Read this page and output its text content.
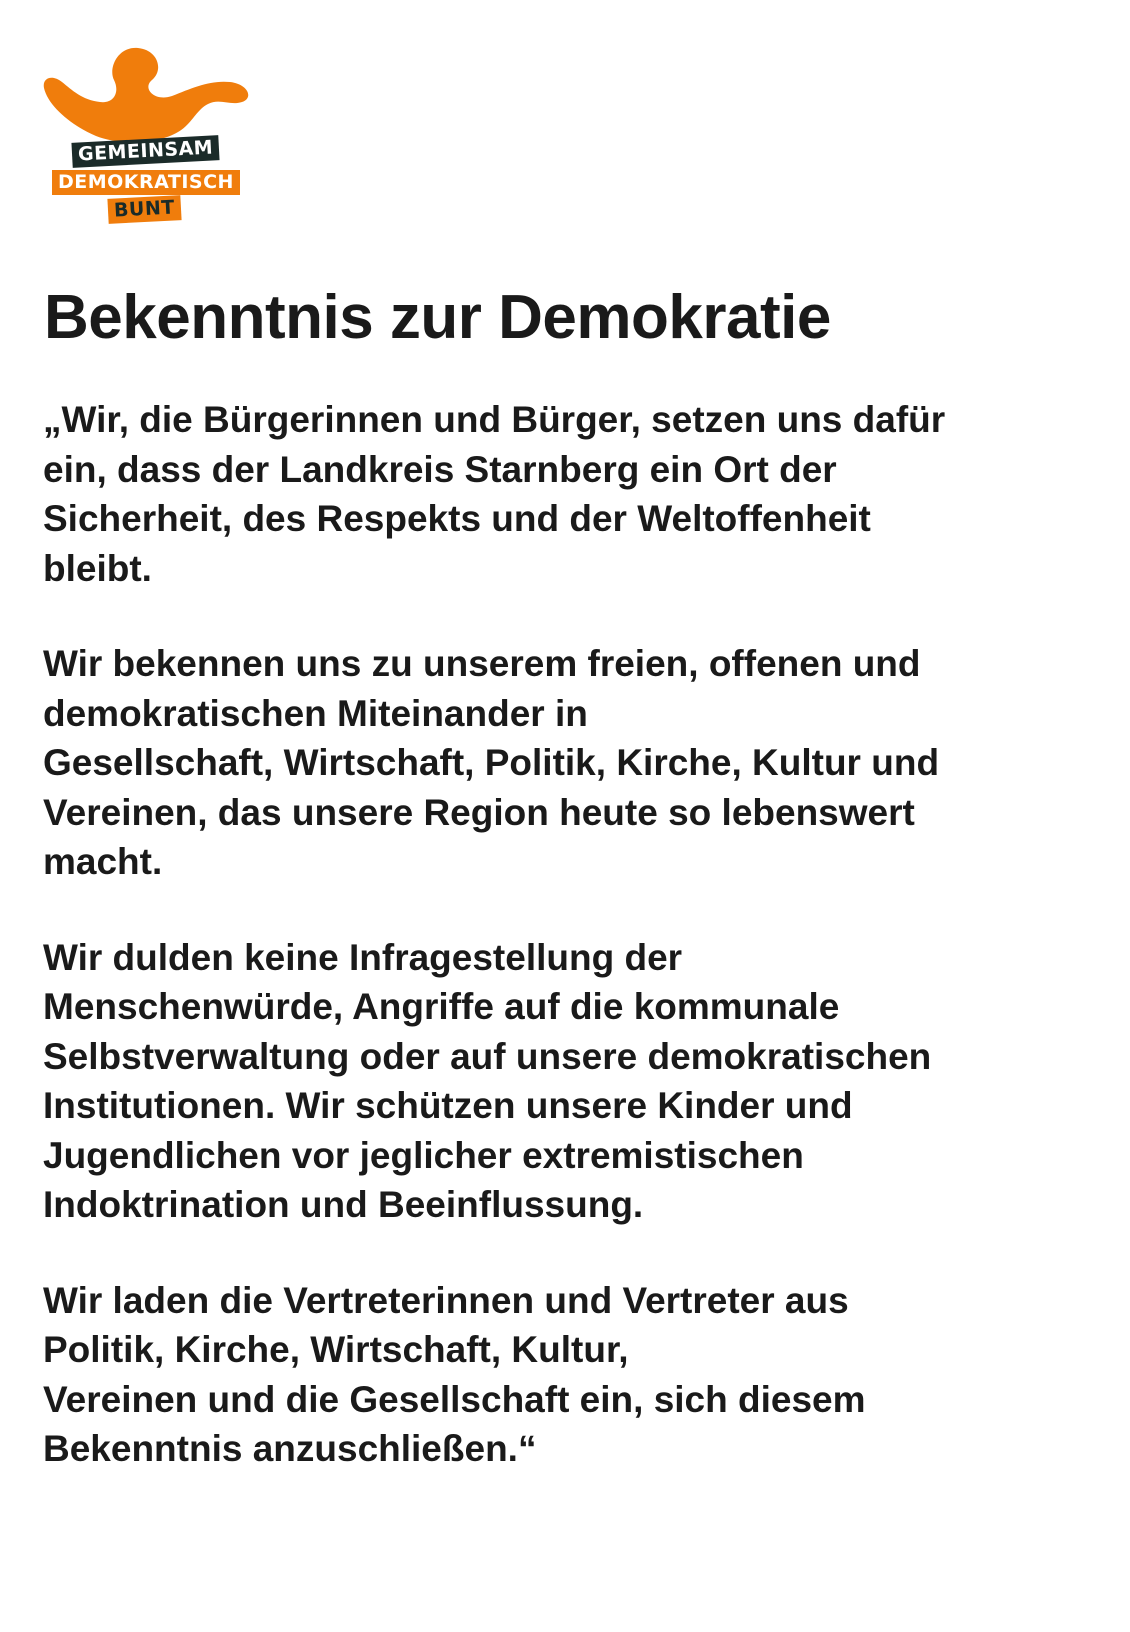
GEMEINSAM
DEMOKRATISCH
BUNT
Bekenntnis zur Demokratie

„Wir, die Bürgerinnen und Bürger, setzen uns dafür
ein, dass der Landkreis Starnberg ein Ort der
Sicherheit, des Respekts und der Weltoffenheit
bleibt.

Wir bekennen uns zu unserem freien, offenen und
demokratischen Miteinander in
Gesellschaft, Wirtschaft, Politik, Kirche, Kultur und
Vereinen, das unsere Region heute so lebenswert
macht.

Wir dulden keine Infragestellung der
Menschenwürde, Angriffe auf die kommunale
Selbstverwaltung oder auf unsere demokratischen
Institutionen. Wir schützen unsere Kinder und
Jugendlichen vor jeglicher extremistischen
Indoktrination und Beeinflussung.

Wir laden die Vertreterinnen und Vertreter aus
Politik, Kirche, Wirtschaft, Kultur,
Vereinen und die Gesellschaft ein, sich diesem
Bekenntnis anzuschließen.“
